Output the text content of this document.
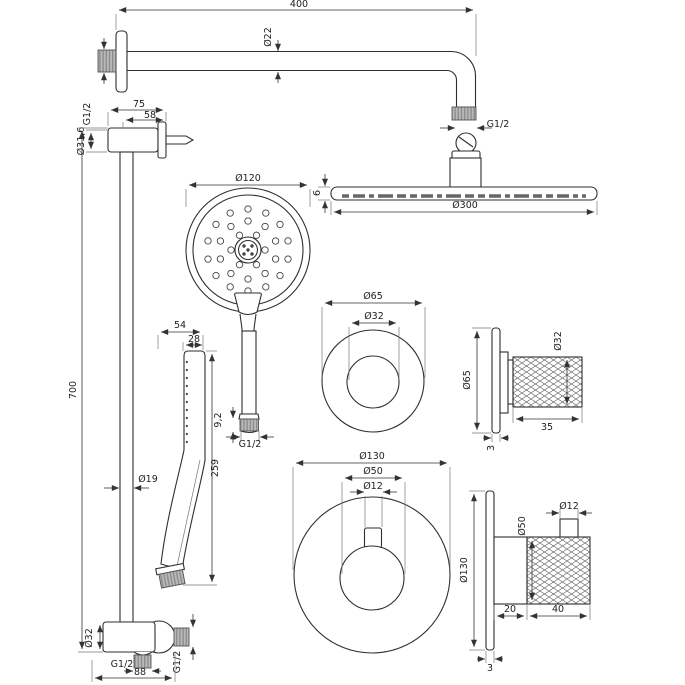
400
Ø22
G1/2	G1/2
6
Ø300
75
58
Ø31,6
700
Ø19
Ø120
9,2
G1/2
54
28
259
Ø32
G1/2	G1/2
88
Ø65
Ø32
Ø65
Ø32
35
3
Ø130
Ø50
Ø12
Ø130
Ø50
Ø12
20	40
3
